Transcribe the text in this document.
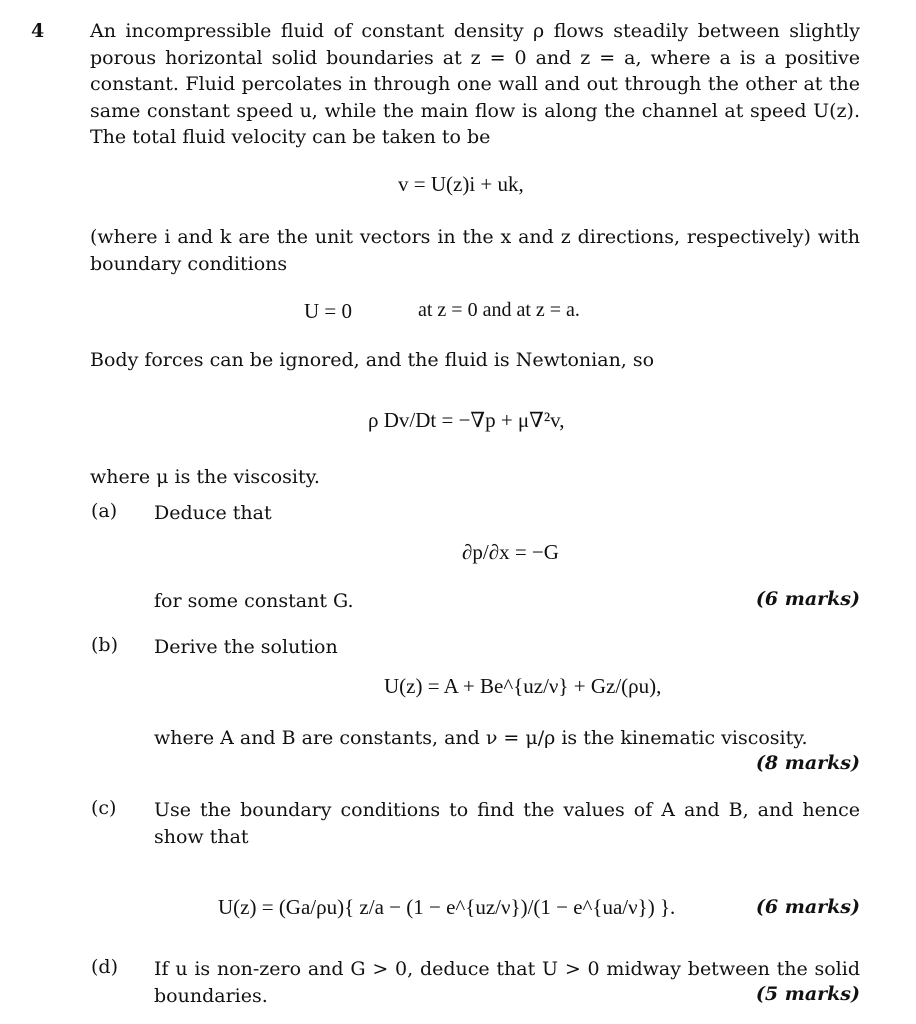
4 An incompressible fluid of constant density ρ flows steadily between slightly porous horizontal solid boundaries at z = 0 and z = a, where a is a positive constant. Fluid percolates in through one wall and out through the other at the same constant speed u, while the main flow is along the channel at speed U(z). The total fluid velocity can be taken to be
v = U(z)i + uk,
(where i and k are the unit vectors in the x and z directions, respectively) with boundary conditions
U = 0	at z = 0 and at z = a.
Body forces can be ignored, and the fluid is Newtonian, so
ρ Dv/Dt = −∇p + μ∇²v,
where μ is the viscosity.
(a) Deduce that
∂p/∂x = −G
for some constant G.	(6 marks)
(b) Derive the solution
U(z) = A + Be^{uz/ν} + Gz/(ρu),
where A and B are constants, and ν = μ/ρ is the kinematic viscosity.
(8 marks)
(c) Use the boundary conditions to find the values of A and B, and hence show that
U(z) = (Ga/ρu){ z/a − (1 − e^{uz/ν})/(1 − e^{ua/ν}) }.	(6 marks)
(d) If u is non-zero and G > 0, deduce that U > 0 midway between the solid boundaries.	(5 marks)
